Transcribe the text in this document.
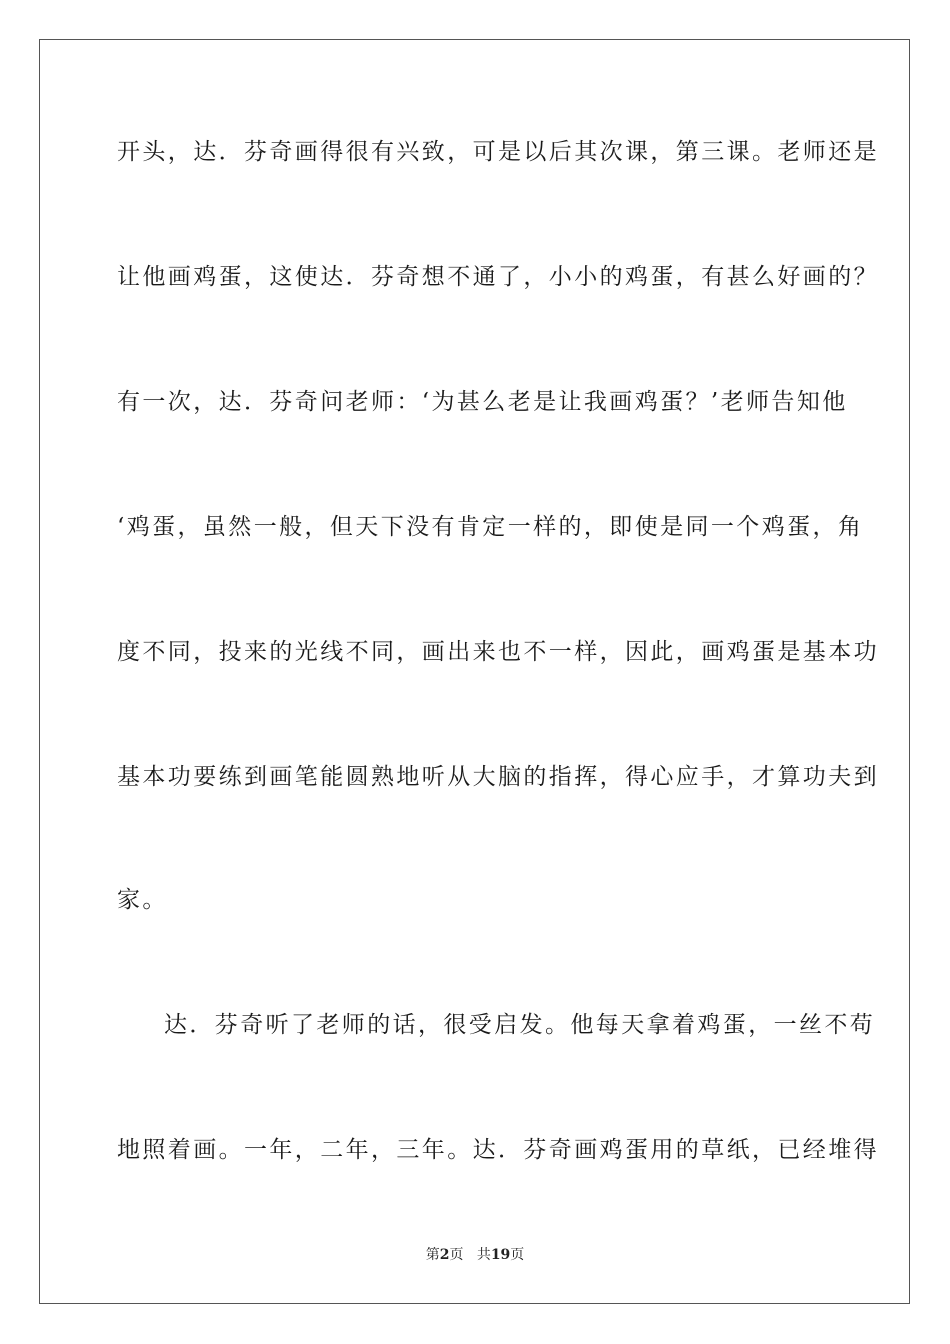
开头，达．芬奇画得很有兴致，可是以后其次课，第三课。老师还是
让他画鸡蛋，这使达．芬奇想不通了，小小的鸡蛋，有甚么好画的？
有一次，达．芬奇问老师：‘为甚么老是让我画鸡蛋？’老师告知他
‘鸡蛋，虽然一般，但天下没有肯定一样的，即使是同一个鸡蛋，角
度不同，投来的光线不同，画出来也不一样，因此，画鸡蛋是基本功
基本功要练到画笔能圆熟地听从大脑的指挥，得心应手，才算功夫到
家。
达．芬奇听了老师的话，很受启发。他每天拿着鸡蛋，一丝不苟
地照着画。一年，二年，三年。达．芬奇画鸡蛋用的草纸，已经堆得
第2页 共19页
